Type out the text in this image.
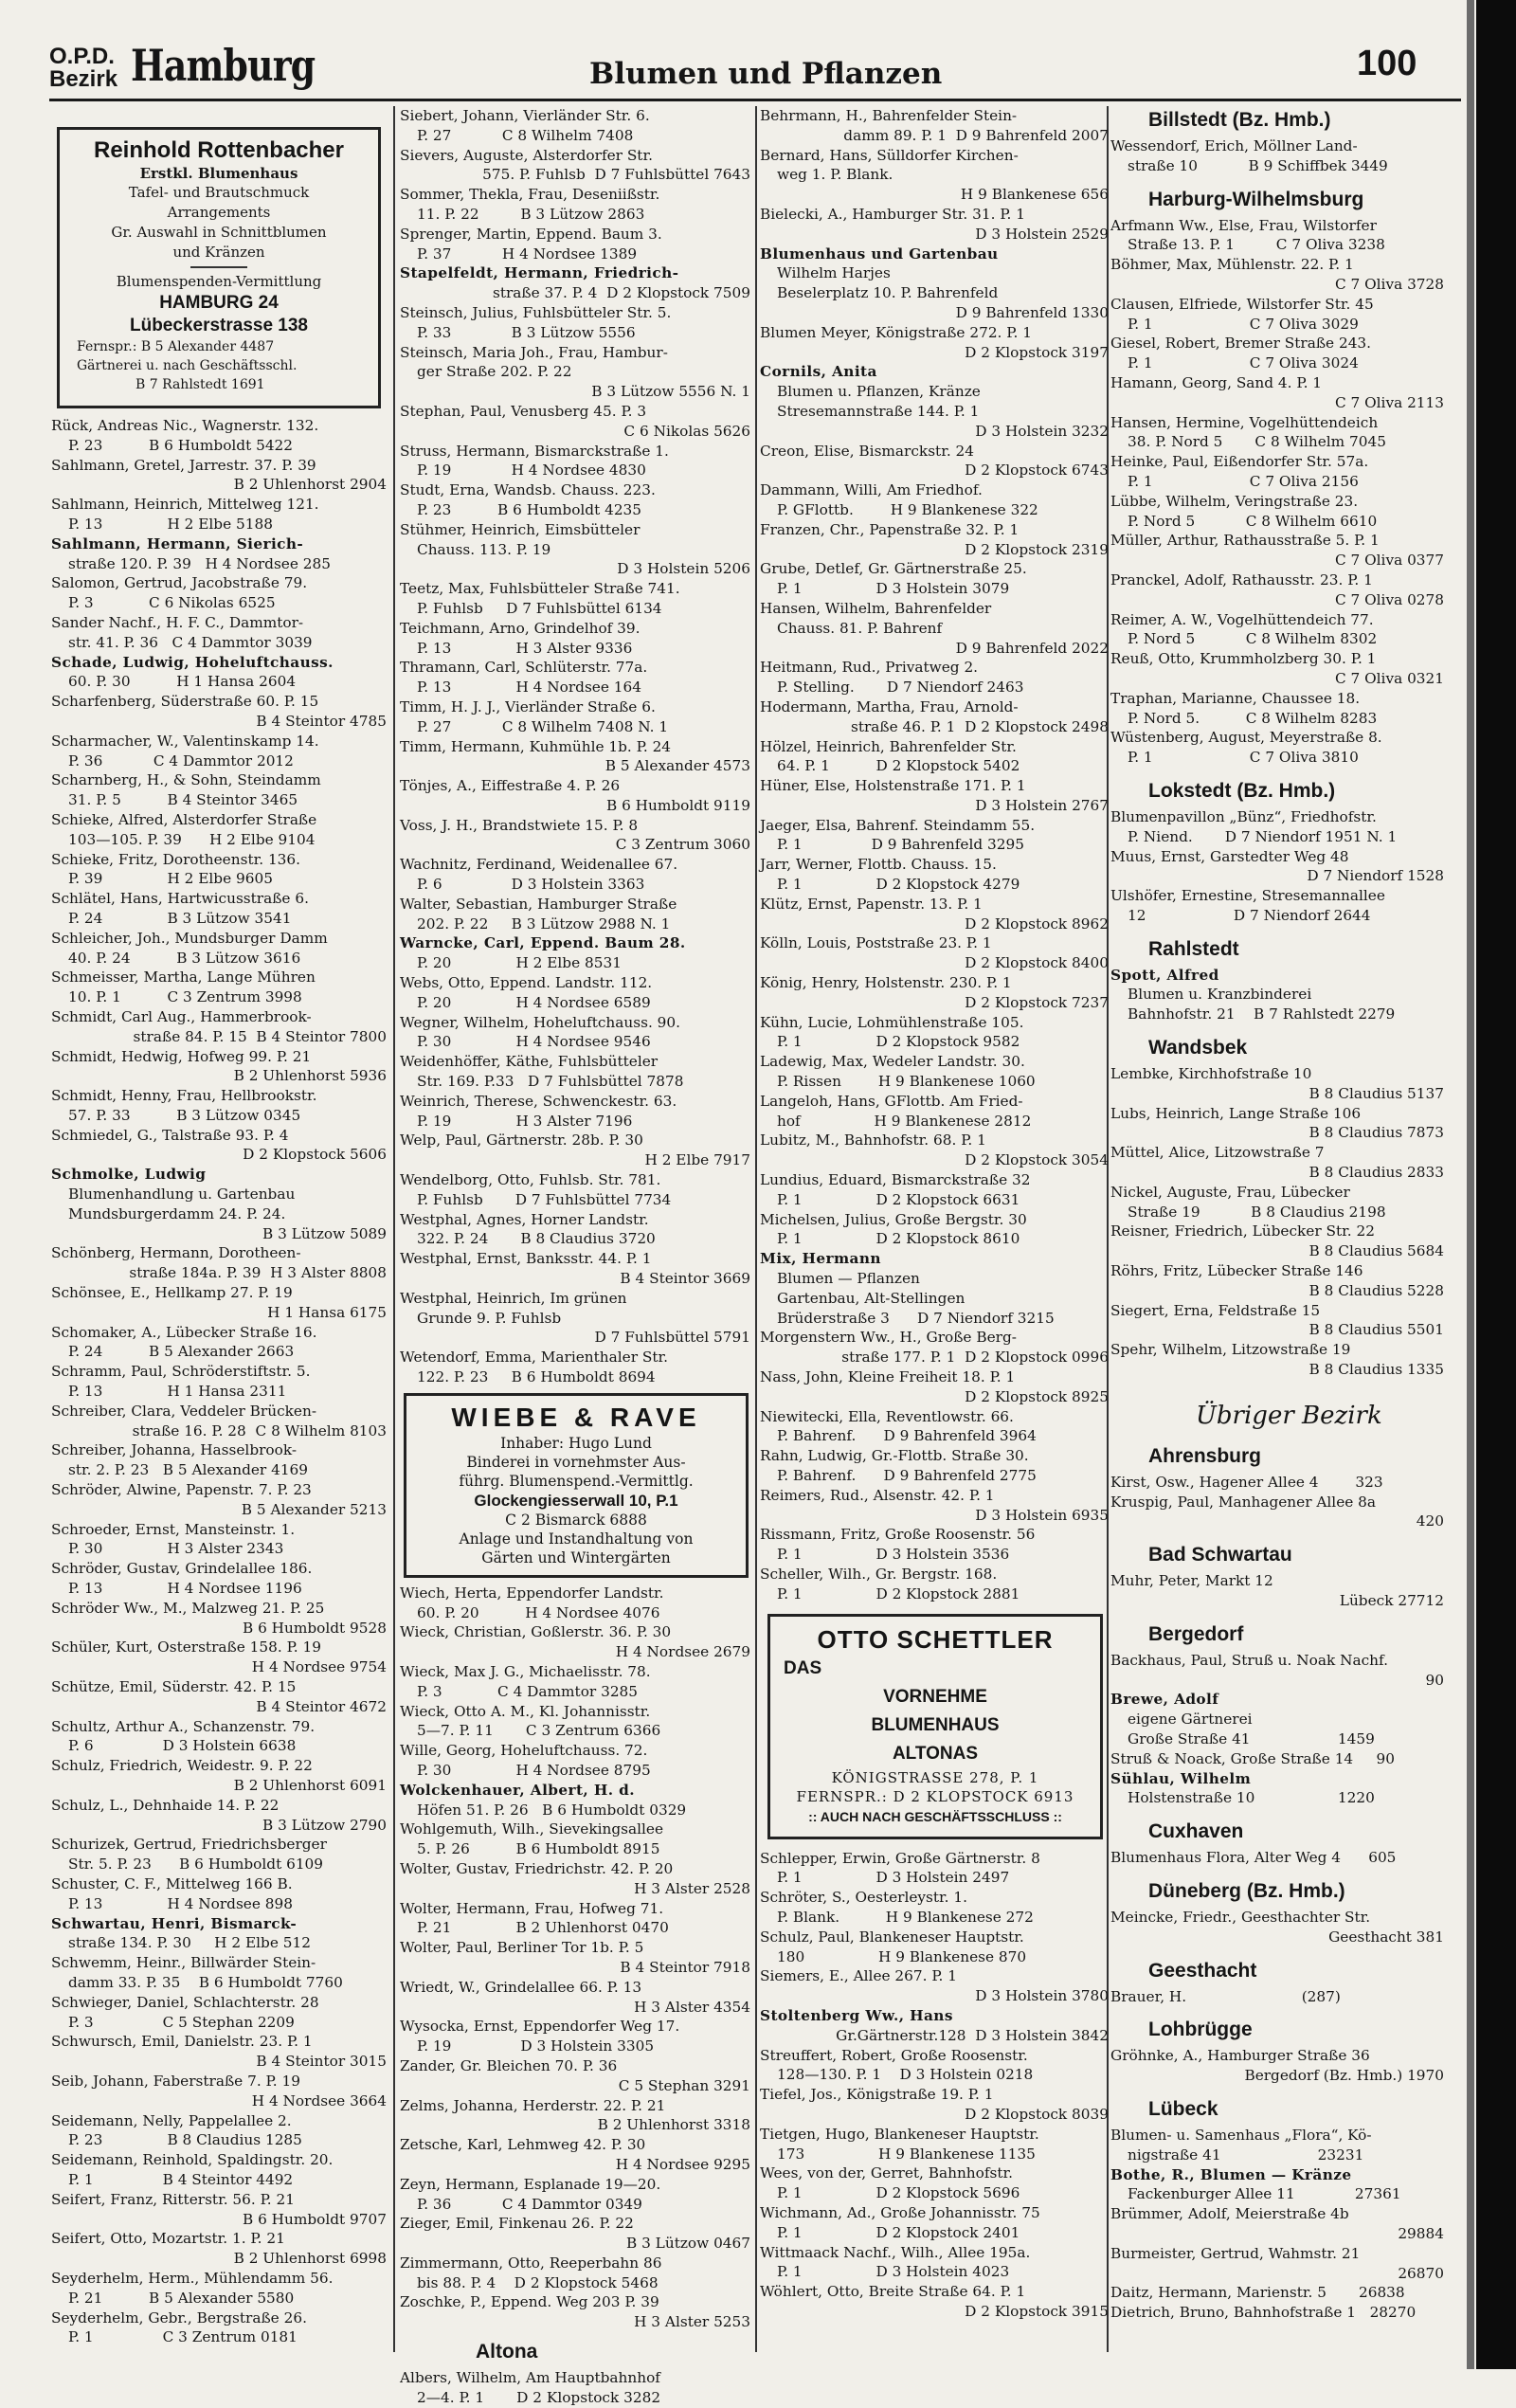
O.P.D.
Bezirk Hamburg	Blumen und Pflanzen	100
Reinhold Rottenbacher
Erstkl. Blumenhaus
Tafel- und Brautschmuck
Arrangements
Gr. Auswahl in Schnittblumen
und Kränzen
Blumenspenden-Vermittlung
HAMBURG 24
Lübeckerstrasse 138
Fernspr.: B 5 Alexander 4487
Gärtnerei u. nach Geschäftsschl.
B 7 Rahlstedt 1691
Rück, Andreas Nic., Wagnerstr. 132.
P. 23          B 6 Humboldt 5422
Sahlmann, Gretel, Jarrestr. 37. P. 39
B 2 Uhlenhorst 2904
Sahlmann, Heinrich, Mittelweg 121.
P. 13              H 2 Elbe 5188
Sahlmann, Hermann, Sierich-
straße 120. P. 39   H 4 Nordsee 285
Salomon, Gertrud, Jacobstraße 79.
P. 3            C 6 Nikolas 6525
Sander Nachf., H. F. C., Dammtor-
str. 41. P. 36   C 4 Dammtor 3039
Schade, Ludwig, Hoheluftchauss.
60. P. 30          H 1 Hansa 2604
Scharfenberg, Süderstraße 60. P. 15
B 4 Steintor 4785
Scharmacher, W., Valentinskamp 14.
P. 36           C 4 Dammtor 2012
Scharnberg, H., & Sohn, Steindamm
31. P. 5          B 4 Steintor 3465
Schieke, Alfred, Alsterdorfer Straße
103—105. P. 39      H 2 Elbe 9104
Schieke, Fritz, Dorotheenstr. 136.
P. 39              H 2 Elbe 9605
Schlätel, Hans, Hartwicusstraße 6.
P. 24              B 3 Lützow 3541
Schleicher, Joh., Mundsburger Damm
40. P. 24          B 3 Lützow 3616
Schmeisser, Martha, Lange Mühren
10. P. 1          C 3 Zentrum 3998
Schmidt, Carl Aug., Hammerbrook-
straße 84. P. 15  B 4 Steintor 7800
Schmidt, Hedwig, Hofweg 99. P. 21
B 2 Uhlenhorst 5936
Schmidt, Henny, Frau, Hellbrookstr.
57. P. 33          B 3 Lützow 0345
Schmiedel, G., Talstraße 93. P. 4
D 2 Klopstock 5606
Schmolke, Ludwig
Blumenhandlung u. Gartenbau
Mundsburgerdamm 24. P. 24.
B 3 Lützow 5089
Schönberg, Hermann, Dorotheen-
straße 184a. P. 39  H 3 Alster 8808
Schönsee, E., Hellkamp 27. P. 19
H 1 Hansa 6175
Schomaker, A., Lübecker Straße 16.
P. 24          B 5 Alexander 2663
Schramm, Paul, Schröderstiftstr. 5.
P. 13              H 1 Hansa 2311
Schreiber, Clara, Veddeler Brücken-
straße 16. P. 28  C 8 Wilhelm 8103
Schreiber, Johanna, Hasselbrook-
str. 2. P. 23   B 5 Alexander 4169
Schröder, Alwine, Papenstr. 7. P. 23
B 5 Alexander 5213
Schroeder, Ernst, Mansteinstr. 1.
P. 30              H 3 Alster 2343
Schröder, Gustav, Grindelallee 186.
P. 13              H 4 Nordsee 1196
Schröder Ww., M., Malzweg 21. P. 25
B 6 Humboldt 9528
Schüler, Kurt, Osterstraße 158. P. 19
H 4 Nordsee 9754
Schütze, Emil, Süderstr. 42. P. 15
B 4 Steintor 4672
Schultz, Arthur A., Schanzenstr. 79.
P. 6               D 3 Holstein 6638
Schulz, Friedrich, Weidestr. 9. P. 22
B 2 Uhlenhorst 6091
Schulz, L., Dehnhaide 14. P. 22
B 3 Lützow 2790
Schurizek, Gertrud, Friedrichsberger
Str. 5. P. 23      B 6 Humboldt 6109
Schuster, C. F., Mittelweg 166 B.
P. 13              H 4 Nordsee 898
Schwartau, Henri, Bismarck-
straße 134. P. 30     H 2 Elbe 512
Schwemm, Heinr., Billwärder Stein-
damm 33. P. 35    B 6 Humboldt 7760
Schwieger, Daniel, Schlachterstr. 28
P. 3               C 5 Stephan 2209
Schwursch, Emil, Danielstr. 23. P. 1
B 4 Steintor 3015
Seib, Johann, Faberstraße 7. P. 19
H 4 Nordsee 3664
Seidemann, Nelly, Pappelallee 2.
P. 23              B 8 Claudius 1285
Seidemann, Reinhold, Spaldingstr. 20.
P. 1               B 4 Steintor 4492
Seifert, Franz, Ritterstr. 56. P. 21
B 6 Humboldt 9707
Seifert, Otto, Mozartstr. 1. P. 21
B 2 Uhlenhorst 6998
Seyderhelm, Herm., Mühlendamm 56.
P. 21          B 5 Alexander 5580
Seyderhelm, Gebr., Bergstraße 26.
P. 1               C 3 Zentrum 0181
Siebert, Johann, Vierländer Str. 6.
P. 27           C 8 Wilhelm 7408
Sievers, Auguste, Alsterdorfer Str.
575. P. Fuhlsb  D 7 Fuhlsbüttel 7643
Sommer, Thekla, Frau, Deseniißstr.
11. P. 22         B 3 Lützow 2863
Sprenger, Martin, Eppend. Baum 3.
P. 37           H 4 Nordsee 1389
Stapelfeldt, Hermann, Friedrich-
straße 37. P. 4  D 2 Klopstock 7509
Steinsch, Julius, Fuhlsbütteler Str. 5.
P. 33             B 3 Lützow 5556
Steinsch, Maria Joh., Frau, Hambur-
ger Straße 202. P. 22
B 3 Lützow 5556 N. 1
Stephan, Paul, Venusberg 45. P. 3
C 6 Nikolas 5626
Struss, Hermann, Bismarckstraße 1.
P. 19             H 4 Nordsee 4830
Studt, Erna, Wandsb. Chauss. 223.
P. 23          B 6 Humboldt 4235
Stühmer, Heinrich, Eimsbütteler
Chauss. 113. P. 19
D 3 Holstein 5206
Teetz, Max, Fuhlsbütteler Straße 741.
P. Fuhlsb     D 7 Fuhlsbüttel 6134
Teichmann, Arno, Grindelhof 39.
P. 13              H 3 Alster 9336
Thramann, Carl, Schlüterstr. 77a.
P. 13              H 4 Nordsee 164
Timm, H. J. J., Vierländer Straße 6.
P. 27           C 8 Wilhelm 7408 N. 1
Timm, Hermann, Kuhmühle 1b. P. 24
B 5 Alexander 4573
Tönjes, A., Eiffestraße 4. P. 26
B 6 Humboldt 9119
Voss, J. H., Brandstwiete 15. P. 8
C 3 Zentrum 3060
Wachnitz, Ferdinand, Weidenallee 67.
P. 6               D 3 Holstein 3363
Walter, Sebastian, Hamburger Straße
202. P. 22     B 3 Lützow 2988 N. 1
Warncke, Carl, Eppend. Baum 28.
P. 20              H 2 Elbe 8531
Webs, Otto, Eppend. Landstr. 112.
P. 20              H 4 Nordsee 6589
Wegner, Wilhelm, Hoheluftchauss. 90.
P. 30              H 4 Nordsee 9546
Weidenhöffer, Käthe, Fuhlsbütteler
Str. 169. P.33   D 7 Fuhlsbüttel 7878
Weinrich, Therese, Schwenckestr. 63.
P. 19              H 3 Alster 7196
Welp, Paul, Gärtnerstr. 28b. P. 30
H 2 Elbe 7917
Wendelborg, Otto, Fuhlsb. Str. 781.
P. Fuhlsb       D 7 Fuhlsbüttel 7734
Westphal, Agnes, Horner Landstr.
322. P. 24       B 8 Claudius 3720
Westphal, Ernst, Banksstr. 44. P. 1
B 4 Steintor 3669
Westphal, Heinrich, Im grünen
Grunde 9. P. Fuhlsb
D 7 Fuhlsbüttel 5791
Wetendorf, Emma, Marienthaler Str.
122. P. 23     B 6 Humboldt 8694
WIEBE & RAVE
Inhaber: Hugo Lund
Binderei in vornehmster Aus-
führg. Blumenspend.-Vermittlg.
Glockengiesserwall 10, P.1
C 2 Bismarck 6888
Anlage und Instandhaltung von
Gärten und Wintergärten
Wiech, Herta, Eppendorfer Landstr.
60. P. 20          H 4 Nordsee 4076
Wieck, Christian, Goßlerstr. 36. P. 30
H 4 Nordsee 2679
Wieck, Max J. G., Michaelisstr. 78.
P. 3            C 4 Dammtor 3285
Wieck, Otto A. M., Kl. Johannisstr.
5—7. P. 11       C 3 Zentrum 6366
Wille, Georg, Hoheluftchauss. 72.
P. 30              H 4 Nordsee 8795
Wolckenhauer, Albert, H. d.
Höfen 51. P. 26   B 6 Humboldt 0329
Wohlgemuth, Wilh., Sievekingsallee
5. P. 26          B 6 Humboldt 8915
Wolter, Gustav, Friedrichstr. 42. P. 20
H 3 Alster 2528
Wolter, Hermann, Frau, Hofweg 71.
P. 21              B 2 Uhlenhorst 0470
Wolter, Paul, Berliner Tor 1b. P. 5
B 4 Steintor 7918
Wriedt, W., Grindelallee 66. P. 13
H 3 Alster 4354
Wysocka, Ernst, Eppendorfer Weg 17.
P. 19               D 3 Holstein 3305
Zander, Gr. Bleichen 70. P. 36
C 5 Stephan 3291
Zelms, Johanna, Herderstr. 22. P. 21
B 2 Uhlenhorst 3318
Zetsche, Karl, Lehmweg 42. P. 30
H 4 Nordsee 9295
Zeyn, Hermann, Esplanade 19—20.
P. 36           C 4 Dammtor 0349
Zieger, Emil, Finkenau 26. P. 22
B 3 Lützow 0467
Zimmermann, Otto, Reeperbahn 86
bis 88. P. 4    D 2 Klopstock 5468
Zoschke, P., Eppend. Weg 203 P. 39
H 3 Alster 5253
Altona
Albers, Wilhelm, Am Hauptbahnhof
2—4. P. 1       D 2 Klopstock 3282
Behrmann, H., Bahrenfelder Stein-
damm 89. P. 1  D 9 Bahrenfeld 2007
Bernard, Hans, Sülldorfer Kirchen-
weg 1. P. Blank.
H 9 Blankenese 656
Bielecki, A., Hamburger Str. 31. P. 1
D 3 Holstein 2529
Blumenhaus und Gartenbau
Wilhelm Harjes
Beselerplatz 10. P. Bahrenfeld
D 9 Bahrenfeld 1330
Blumen Meyer, Königstraße 272. P. 1
D 2 Klopstock 3197
Cornils, Anita
Blumen u. Pflanzen, Kränze
Stresemannstraße 144. P. 1
D 3 Holstein 3232
Creon, Elise, Bismarckstr. 24
D 2 Klopstock 6743
Dammann, Willi, Am Friedhof.
P. GFlottb.        H 9 Blankenese 322
Franzen, Chr., Papenstraße 32. P. 1
D 2 Klopstock 2319
Grube, Detlef, Gr. Gärtnerstraße 25.
P. 1                D 3 Holstein 3079
Hansen, Wilhelm, Bahrenfelder
Chauss. 81. P. Bahrenf
D 9 Bahrenfeld 2022
Heitmann, Rud., Privatweg 2.
P. Stelling.       D 7 Niendorf 2463
Hodermann, Martha, Frau, Arnold-
straße 46. P. 1  D 2 Klopstock 2498
Hölzel, Heinrich, Bahrenfelder Str.
64. P. 1          D 2 Klopstock 5402
Hüner, Else, Holstenstraße 171. P. 1
D 3 Holstein 2767
Jaeger, Elsa, Bahrenf. Steindamm 55.
P. 1               D 9 Bahrenfeld 3295
Jarr, Werner, Flottb. Chauss. 15.
P. 1                D 2 Klopstock 4279
Klütz, Ernst, Papenstr. 13. P. 1
D 2 Klopstock 8962
Kölln, Louis, Poststraße 23. P. 1
D 2 Klopstock 8400
König, Henry, Holstenstr. 230. P. 1
D 2 Klopstock 7237
Kühn, Lucie, Lohmühlenstraße 105.
P. 1                D 2 Klopstock 9582
Ladewig, Max, Wedeler Landstr. 30.
P. Rissen        H 9 Blankenese 1060
Langeloh, Hans, GFlottb. Am Fried-
hof                H 9 Blankenese 2812
Lubitz, M., Bahnhofstr. 68. P. 1
D 2 Klopstock 3054
Lundius, Eduard, Bismarckstraße 32
P. 1                D 2 Klopstock 6631
Michelsen, Julius, Große Bergstr. 30
P. 1                D 2 Klopstock 8610
Mix, Hermann
Blumen — Pflanzen
Gartenbau, Alt-Stellingen
Brüderstraße 3      D 7 Niendorf 3215
Morgenstern Ww., H., Große Berg-
straße 177. P. 1  D 2 Klopstock 0996
Nass, John, Kleine Freiheit 18. P. 1
D 2 Klopstock 8925
Niewitecki, Ella, Reventlowstr. 66.
P. Bahrenf.      D 9 Bahrenfeld 3964
Rahn, Ludwig, Gr.-Flottb. Straße 30.
P. Bahrenf.      D 9 Bahrenfeld 2775
Reimers, Rud., Alsenstr. 42. P. 1
D 3 Holstein 6935
Rissmann, Fritz, Große Roosenstr. 56
P. 1                D 3 Holstein 3536
Scheller, Wilh., Gr. Bergstr. 168.
P. 1                D 2 Klopstock 2881
OTTO SCHETTLER
DAS
VORNEHME
BLUMENHAUS
ALTONAS
KÖNIGSTRASSE 278, P. 1
FERNSPR.: D 2 KLOPSTOCK 6913
:: AUCH NACH GESCHÄFTSSCHLUSS ::
Schlepper, Erwin, Große Gärtnerstr. 8
P. 1                D 3 Holstein 2497
Schröter, S., Oesterleystr. 1.
P. Blank.          H 9 Blankenese 272
Schulz, Paul, Blankeneser Hauptstr.
180                H 9 Blankenese 870
Siemers, E., Allee 267. P. 1
D 3 Holstein 3780
Stoltenberg Ww., Hans
Gr.Gärtnerstr.128  D 3 Holstein 3842
Streuffert, Robert, Große Roosenstr.
128—130. P. 1    D 3 Holstein 0218
Tiefel, Jos., Königstraße 19. P. 1
D 2 Klopstock 8039
Tietgen, Hugo, Blankeneser Hauptstr.
173                H 9 Blankenese 1135
Wees, von der, Gerret, Bahnhofstr.
P. 1                D 2 Klopstock 5696
Wichmann, Ad., Große Johannisstr. 75
P. 1                D 2 Klopstock 2401
Wittmaack Nachf., Wilh., Allee 195a.
P. 1                D 3 Holstein 4023
Wöhlert, Otto, Breite Straße 64. P. 1
D 2 Klopstock 3915
Billstedt (Bz. Hmb.)
Wessendorf, Erich, Möllner Land-
straße 10           B 9 Schiffbek 3449
Harburg-Wilhelmsburg
Arfmann Ww., Else, Frau, Wilstorfer
Straße 13. P. 1         C 7 Oliva 3238
Böhmer, Max, Mühlenstr. 22. P. 1
C 7 Oliva 3728
Clausen, Elfriede, Wilstorfer Str. 45
P. 1                     C 7 Oliva 3029
Giesel, Robert, Bremer Straße 243.
P. 1                     C 7 Oliva 3024
Hamann, Georg, Sand 4. P. 1
C 7 Oliva 2113
Hansen, Hermine, Vogelhüttendeich
38. P. Nord 5       C 8 Wilhelm 7045
Heinke, Paul, Eißendorfer Str. 57a.
P. 1                     C 7 Oliva 2156
Lübbe, Wilhelm, Veringstraße 23.
P. Nord 5           C 8 Wilhelm 6610
Müller, Arthur, Rathausstraße 5. P. 1
C 7 Oliva 0377
Pranckel, Adolf, Rathausstr. 23. P. 1
C 7 Oliva 0278
Reimer, A. W., Vogelhüttendeich 77.
P. Nord 5           C 8 Wilhelm 8302
Reuß, Otto, Krummholzberg 30. P. 1
C 7 Oliva 0321
Traphan, Marianne, Chaussee 18.
P. Nord 5.          C 8 Wilhelm 8283
Wüstenberg, August, Meyerstraße 8.
P. 1                     C 7 Oliva 3810
Lokstedt (Bz. Hmb.)
Blumenpavillon „Bünz“, Friedhofstr.
P. Niend.       D 7 Niendorf 1951 N. 1
Muus, Ernst, Garstedter Weg 48
D 7 Niendorf 1528
Ulshöfer, Ernestine, Stresemannallee
12                   D 7 Niendorf 2644
Rahlstedt
Spott, Alfred
Blumen u. Kranzbinderei
Bahnhofstr. 21    B 7 Rahlstedt 2279
Wandsbek
Lembke, Kirchhofstraße 10
B 8 Claudius 5137
Lubs, Heinrich, Lange Straße 106
B 8 Claudius 7873
Müttel, Alice, Litzowstraße 7
B 8 Claudius 2833
Nickel, Auguste, Frau, Lübecker
Straße 19           B 8 Claudius 2198
Reisner, Friedrich, Lübecker Str. 22
B 8 Claudius 5684
Röhrs, Fritz, Lübecker Straße 146
B 8 Claudius 5228
Siegert, Erna, Feldstraße 15
B 8 Claudius 5501
Spehr, Wilhelm, Litzowstraße 19
B 8 Claudius 1335
Übriger Bezirk
Ahrensburg
Kirst, Osw., Hagener Allee 4        323
Kruspig, Paul, Manhagener Allee 8a
420
Bad Schwartau
Muhr, Peter, Markt 12
Lübeck 27712
Bergedorf
Backhaus, Paul, Struß u. Noak Nachf.
90
Brewe, Adolf
eigene Gärtnerei
Große Straße 41                   1459
Struß & Noack, Große Straße 14     90
Sühlau, Wilhelm
Holstenstraße 10                  1220
Cuxhaven
Blumenhaus Flora, Alter Weg 4      605
Düneberg (Bz. Hmb.)
Meincke, Friedr., Geesthachter Str.
Geesthacht 381
Geesthacht
Brauer, H.                         (287)
Lohbrügge
Gröhnke, A., Hamburger Straße 36
Bergedorf (Bz. Hmb.) 1970
Lübeck
Blumen- u. Samenhaus „Flora“, Kö-
nigstraße 41                     23231
Bothe, R., Blumen — Kränze
Fackenburger Allee 11             27361
Brümmer, Adolf, Meierstraße 4b
29884
Burmeister, Gertrud, Wahmstr. 21
26870
Daitz, Hermann, Marienstr. 5       26838
Dietrich, Bruno, Bahnhofstraße 1   28270
